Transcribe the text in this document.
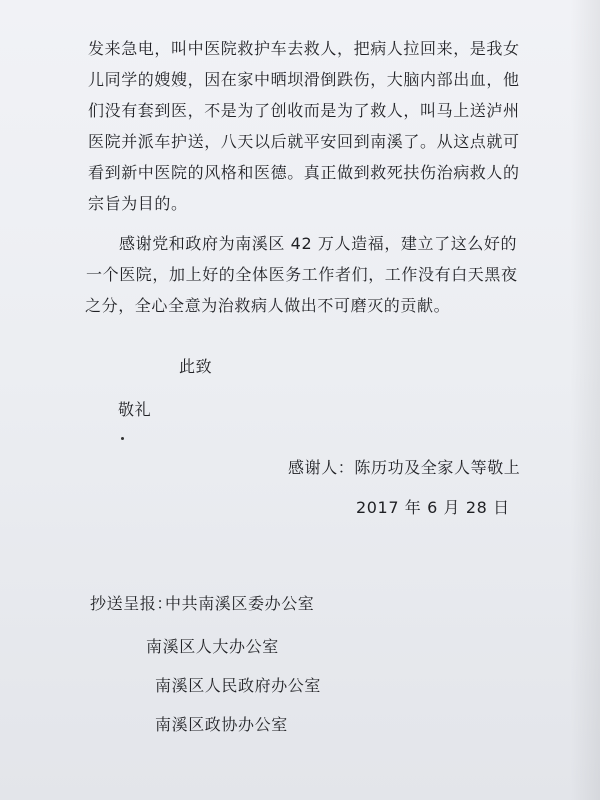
发来急电，叫中医院救护车去救人，把病人拉回来，是我女
儿同学的嫂嫂，因在家中晒坝滑倒跌伤，大脑内部出血，他
们没有套到医，不是为了创收而是为了救人，叫马上送泸州
医院并派车护送，八天以后就平安回到南溪了。从这点就可
看到新中医院的风格和医德。真正做到救死扶伤治病救人的
宗旨为目的。
感谢党和政府为南溪区 42 万人造福，建立了这么好的
一个医院，加上好的全体医务工作者们，工作没有白天黑夜
之分，全心全意为治救病人做出不可磨灭的贡献。
此致
敬礼
感谢人：陈历功及全家人等敬上
2017 年 6 月 28 日
抄送呈报：
中共南溪区委办公室
南溪区人大办公室
南溪区人民政府办公室
南溪区政协办公室
